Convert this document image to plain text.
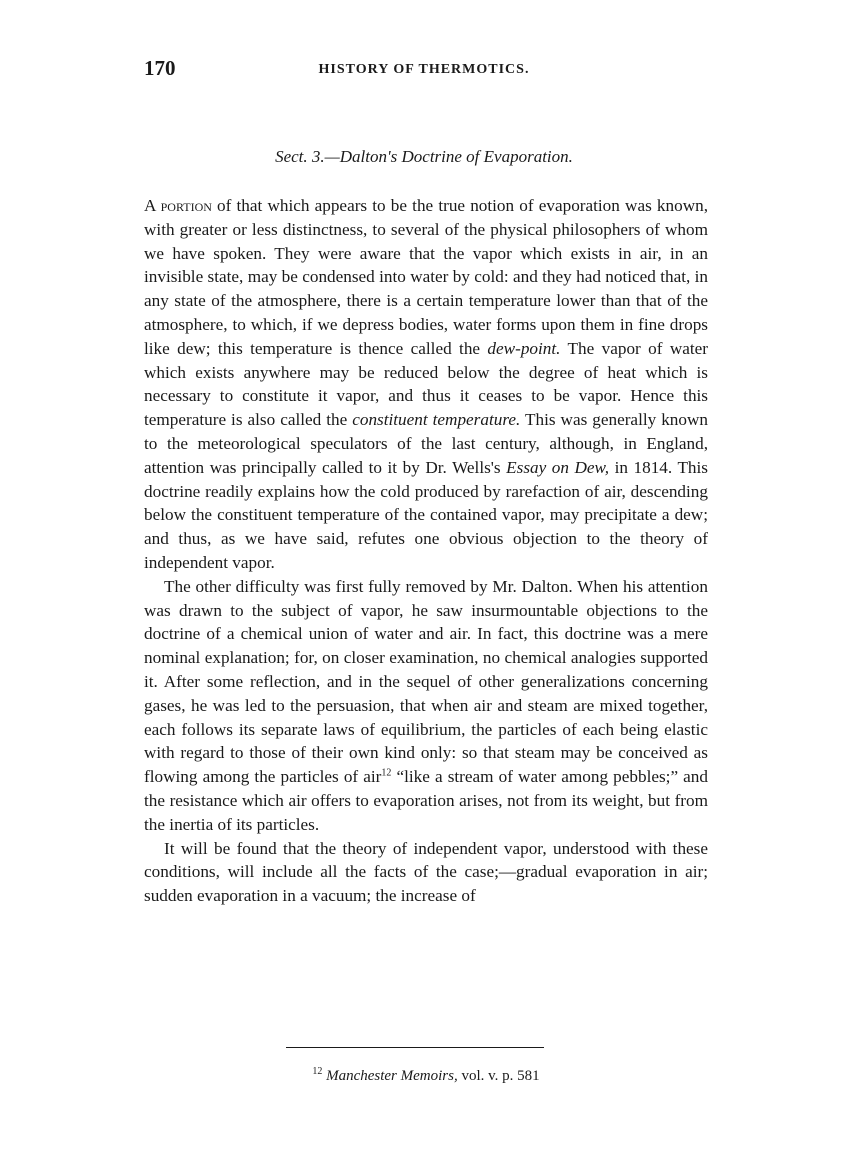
170	HISTORY OF THERMOTICS.
Sect. 3.—Dalton's Doctrine of Evaporation.

A portion of that which appears to be the true notion of evaporation was known, with greater or less distinctness, to several of the physical philosophers of whom we have spoken. They were aware that the vapor which exists in air, in an invisible state, may be condensed into water by cold: and they had noticed that, in any state of the atmosphere, there is a certain temperature lower than that of the atmosphere, to which, if we depress bodies, water forms upon them in fine drops like dew; this temperature is thence called the dew-point. The vapor of water which exists anywhere may be reduced below the degree of heat which is necessary to constitute it vapor, and thus it ceases to be vapor. Hence this temperature is also called the constituent temperature. This was generally known to the meteorological speculators of the last century, although, in England, attention was principally called to it by Dr. Wells's Essay on Dew, in 1814. This doctrine readily explains how the cold produced by rarefaction of air, descending below the constituent temperature of the contained vapor, may precipitate a dew; and thus, as we have said, refutes one obvious objection to the theory of independent vapor.

The other difficulty was first fully removed by Mr. Dalton. When his attention was drawn to the subject of vapor, he saw insurmountable objections to the doctrine of a chemical union of water and air. In fact, this doctrine was a mere nominal explanation; for, on closer examination, no chemical analogies supported it. After some reflection, and in the sequel of other generalizations concerning gases, he was led to the persuasion, that when air and steam are mixed together, each follows its separate laws of equilibrium, the particles of each being elastic with regard to those of their own kind only: so that steam may be conceived as flowing among the particles of air$^{12}$ “like a stream of water among pebbles;” and the resistance which air offers to evaporation arises, not from its weight, but from the inertia of its particles.

It will be found that the theory of independent vapor, understood with these conditions, will include all the facts of the case;—gradual evaporation in air; sudden evaporation in a vacuum; the increase of

$^{12}$ Manchester Memoirs, vol. v. p. 581
